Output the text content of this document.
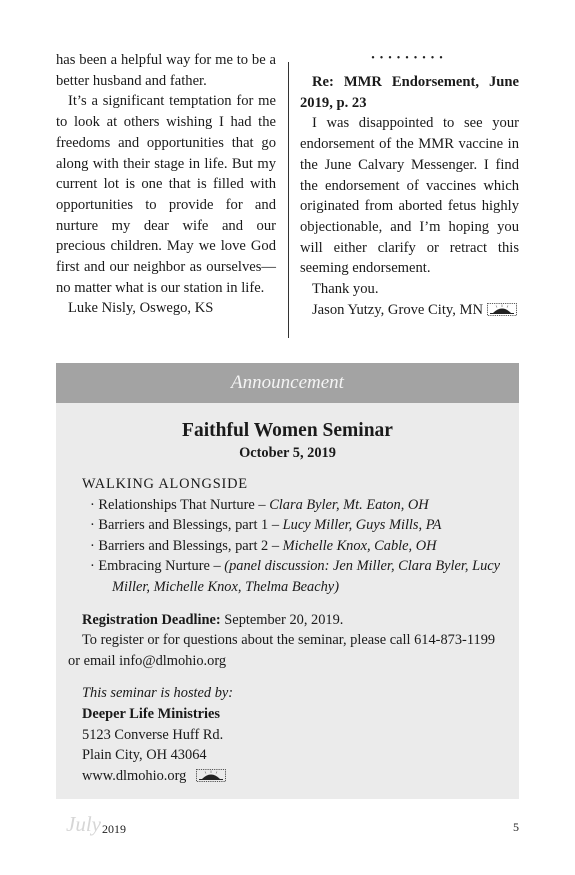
has been a helpful way for me to be a better husband and father.

It’s a significant temptation for me to look at others wishing I had the freedoms and opportunities that go along with their stage in life. But my current lot is one that is filled with opportunities to provide for and nurture my dear wife and our precious children. May we love God first and our neighbor as ourselves—no matter what is our station in life.

Luke Nisly, Oswego, KS

•••••••••

Re: MMR Endorsement, June 2019, p. 23

I was disappointed to see your endorsement of the MMR vaccine in the June Calvary Messenger. I find the endorsement of vaccines which originated from aborted fetus highly objectionable, and I’m hoping you will either clarify or retract this seeming endorsement.

Thank you.

Jason Yutzy, Grove City, MN

Announcement
Faithful Women Seminar
October 5, 2019
WALKING ALONGSIDE
· Relationships That Nurture – Clara Byler, Mt. Eaton, OH
· Barriers and Blessings, part 1 – Lucy Miller, Guys Mills, PA
· Barriers and Blessings, part 2 – Michelle Knox, Cable, OH
· Embracing Nurture – (panel discussion: Jen Miller, Clara Byler, Lucy Miller, Michelle Knox, Thelma Beachy)
Registration Deadline: September 20, 2019.
To register or for questions about the seminar, please call 614-873-1199
or email info@dlmohio.org
This seminar is hosted by:
Deeper Life Ministries
5123 Converse Huff Rd.
Plain City, OH 43064
www.dlmohio.org
July 2019	5
